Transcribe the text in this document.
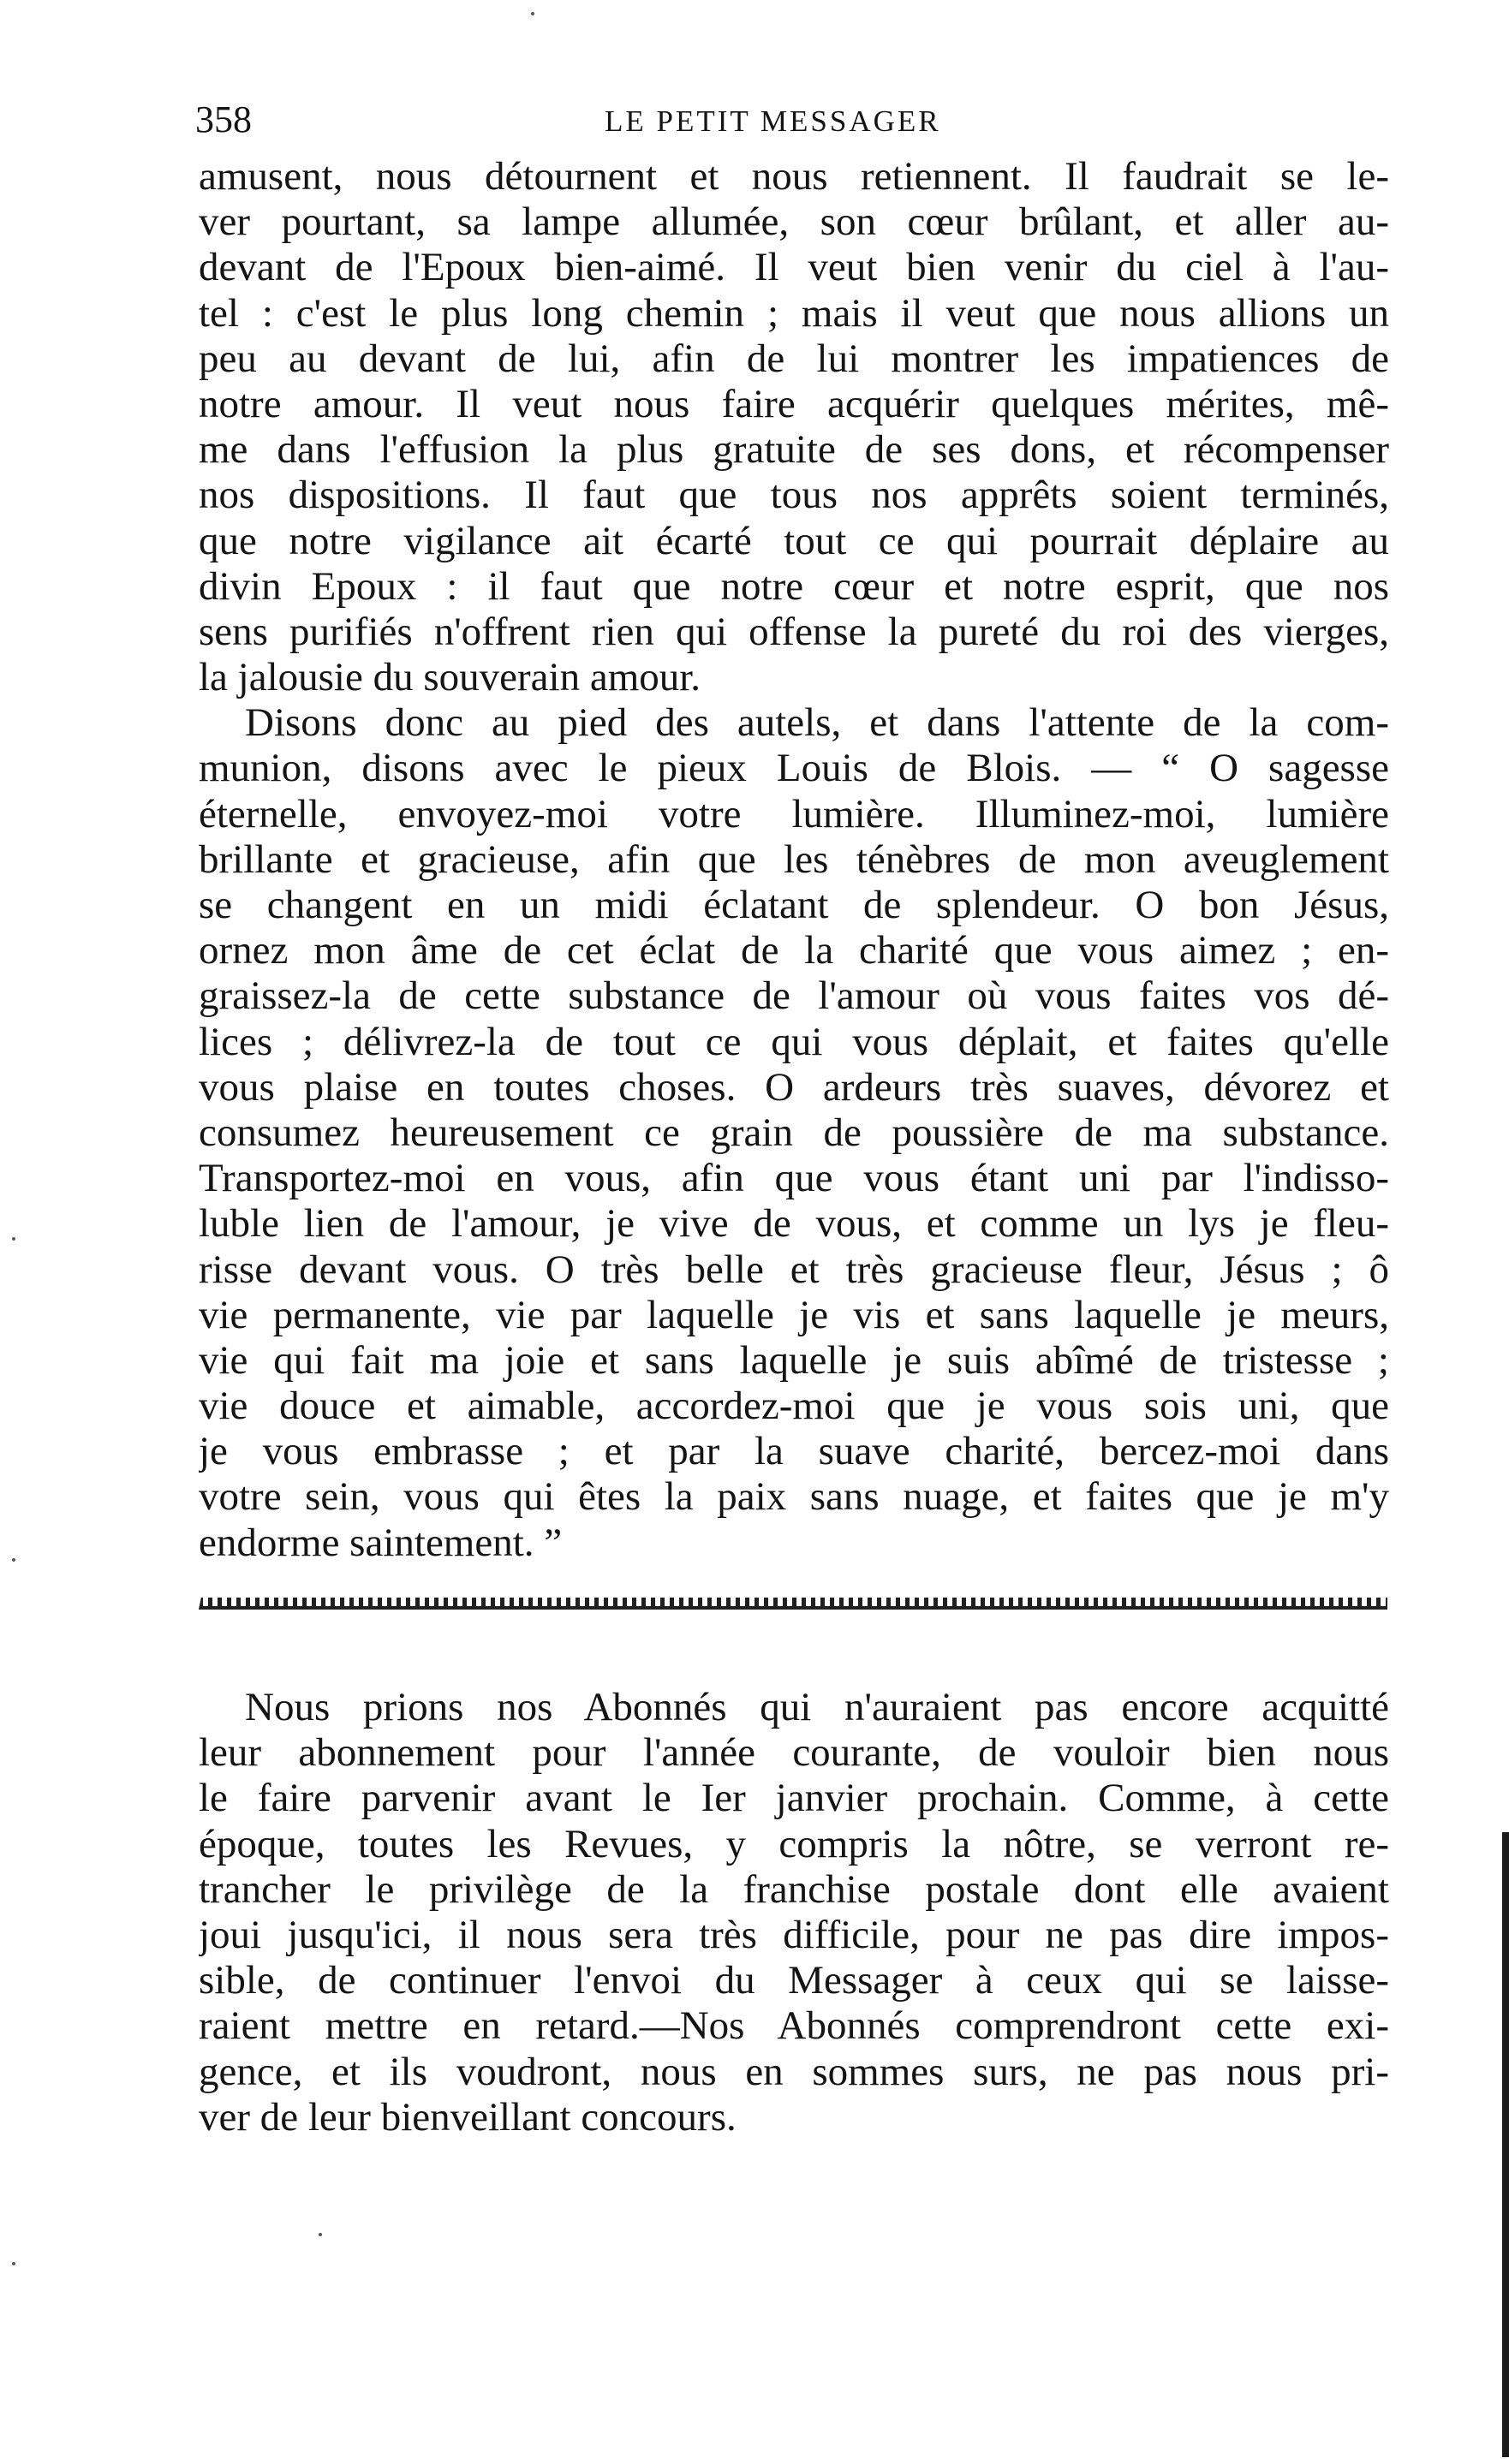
358	LE PETIT MESSAGER
amusent, nous détournent et nous retiennent. Il faudrait se le-
ver pourtant, sa lampe allumée, son cœur brûlant, et aller au-
devant de l'Epoux bien-aimé. Il veut bien venir du ciel à l'au-
tel : c'est le plus long chemin ; mais il veut que nous allions un
peu au devant de lui, afin de lui montrer les impatiences de
notre amour. Il veut nous faire acquérir quelques mérites, mê-
me dans l'effusion la plus gratuite de ses dons, et récompenser
nos dispositions. Il faut que tous nos apprêts soient terminés,
que notre vigilance ait écarté tout ce qui pourrait déplaire au
divin Epoux : il faut que notre cœur et notre esprit, que nos
sens purifiés n'offrent rien qui offense la pureté du roi des vierges,
la jalousie du souverain amour.
Disons donc au pied des autels, et dans l'attente de la com-
munion, disons avec le pieux Louis de Blois. — “ O sagesse
éternelle, envoyez-moi votre lumière. Illuminez-moi, lumière
brillante et gracieuse, afin que les ténèbres de mon aveuglement
se changent en un midi éclatant de splendeur. O bon Jésus,
ornez mon âme de cet éclat de la charité que vous aimez ; en-
graissez-la de cette substance de l'amour où vous faites vos dé-
lices ; délivrez-la de tout ce qui vous déplait, et faites qu'elle
vous plaise en toutes choses. O ardeurs très suaves, dévorez et
consumez heureusement ce grain de poussière de ma substance.
Transportez-moi en vous, afin que vous étant uni par l'indisso-
luble lien de l'amour, je vive de vous, et comme un lys je fleu-
risse devant vous. O très belle et très gracieuse fleur, Jésus ; ô
vie permanente, vie par laquelle je vis et sans laquelle je meurs,
vie qui fait ma joie et sans laquelle je suis abîmé de tristesse ;
vie douce et aimable, accordez-moi que je vous sois uni, que
je vous embrasse ; et par la suave charité, bercez-moi dans
votre sein, vous qui êtes la paix sans nuage, et faites que je m'y
endorme saintement. ”
Nous prions nos Abonnés qui n'auraient pas encore acquitté
leur abonnement pour l'année courante, de vouloir bien nous
le faire parvenir avant le Ier janvier prochain. Comme, à cette
époque, toutes les Revues, y compris la nôtre, se verront re-
trancher le privilège de la franchise postale dont elle avaient
joui jusqu'ici, il nous sera très difficile, pour ne pas dire impos-
sible, de continuer l'envoi du Messager à ceux qui se laisse-
raient mettre en retard.—Nos Abonnés comprendront cette exi-
gence, et ils voudront, nous en sommes surs, ne pas nous pri-
ver de leur bienveillant concours.
